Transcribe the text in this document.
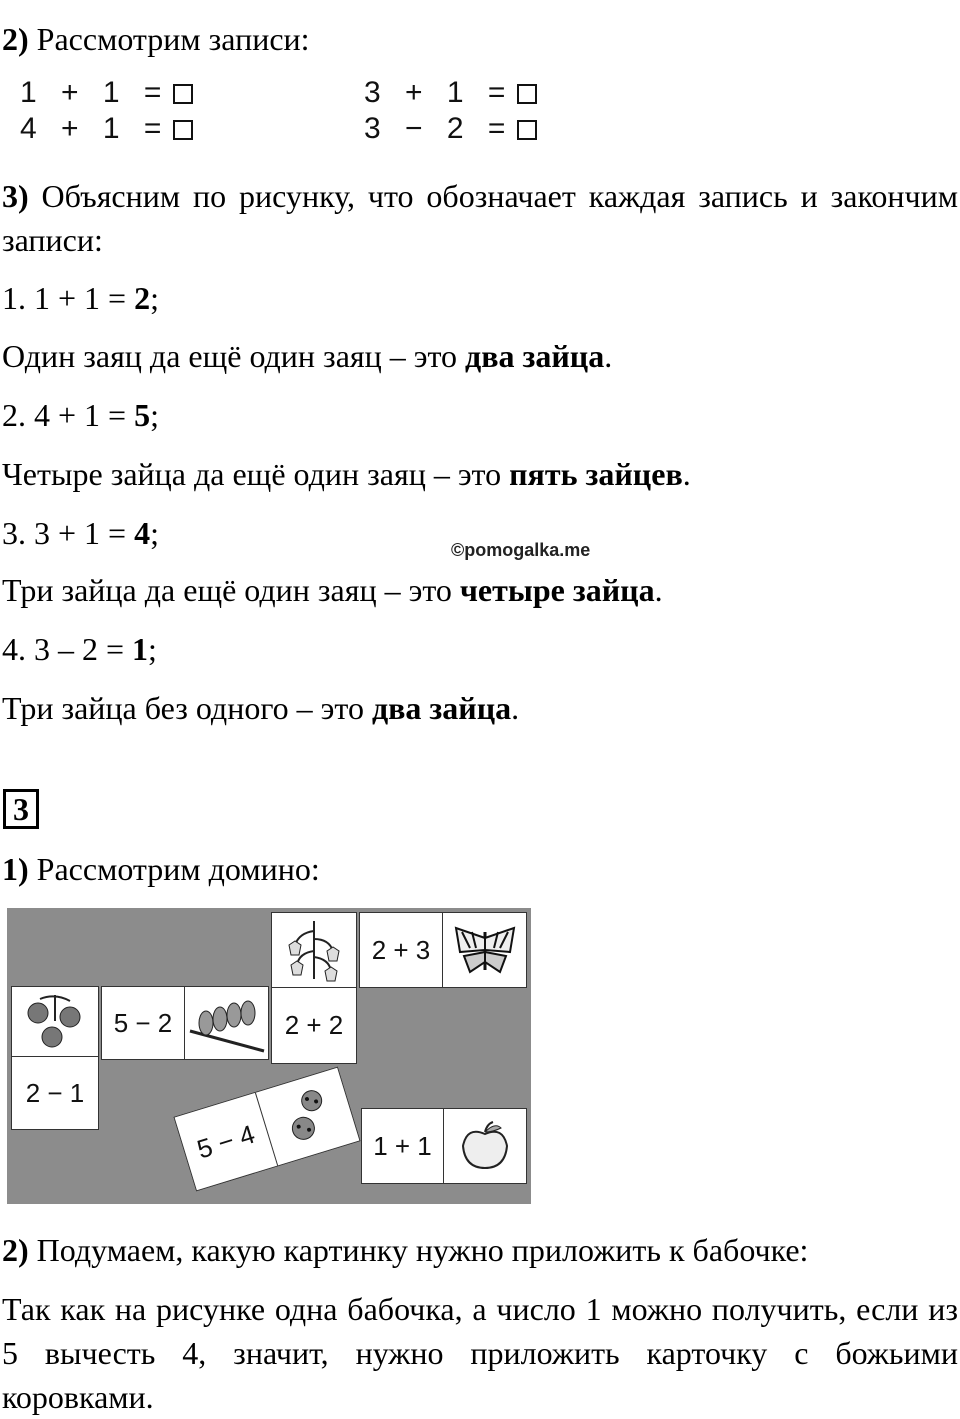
2) Рассмотрим записи:
1 + 1 =
4 + 1 =
3 + 1 =
3 − 2 =
3) Объясним по рисунку, что обозначает каждая запись и закончим записи:
1. 1 + 1 = 2;
Один заяц да ещё один заяц – это два зайца.
2. 4 + 1 = 5;
Четыре зайца да ещё один заяц – это пять зайцев.
3. 3 + 1 = 4;	©pomogalka.me
Три зайца да ещё один заяц – это четыре зайца.
4. 3 – 2 = 1;
Три зайца без одного – это два зайца.
3
1) Рассмотрим домино:
2 + 2
2 + 3
2 − 1
5 − 2
5 − 4	1 + 1
2) Подумаем, какую картинку нужно приложить к бабочке:
Так как на рисунке одна бабочка, а число 1 можно получить, если из 5 вычесть 4, значит, нужно приложить карточку с божьими коровками.
